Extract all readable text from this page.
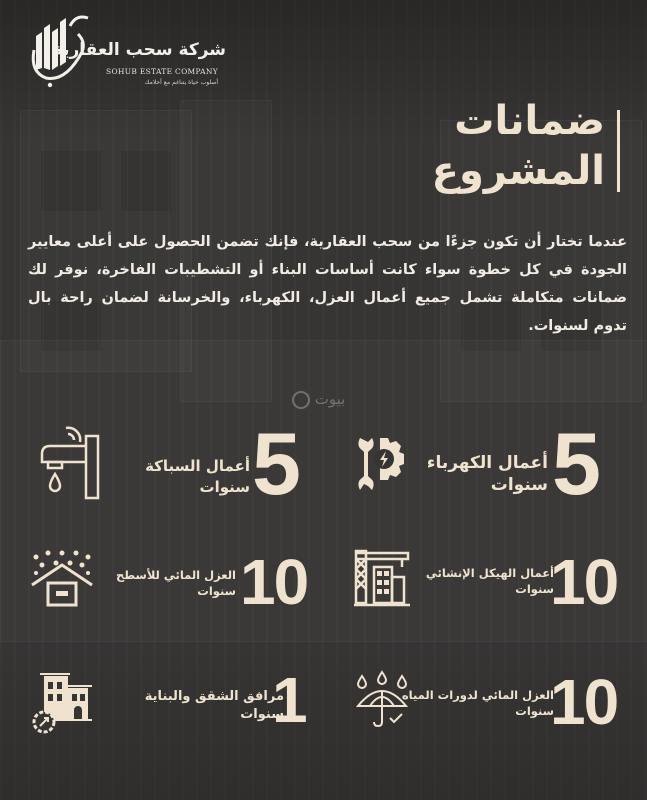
شركة سحب العقارية
SOHUB ESTATE COMPANY
أسلوب حياة يتناغم مع أحلامك
ضمانات
المشروع
عندما تختار أن تكون جزءًا من سحب العقارية، فإنك تضمن الحصول على أعلى معايير الجودة في كل خطوة سواء كانت أساسات البناء أو التشطيبات الفاخرة، نوفر لك ضمانات متكاملة تشمل جميع أعمال العزل، الكهرباء، والخرسانة لضمان راحة بال تدوم لسنوات.
بيوت
5
أعمال الكهرباء
سنوات
5
أعمال السباكة
سنوات
10
أعمال الهيكل الإنشائي
سنوات
10
العزل المائي للأسطح
سنوات
10
العزل المائي لدورات المياه
سنوات
1
مرافق الشقق والبناية
سنوات
